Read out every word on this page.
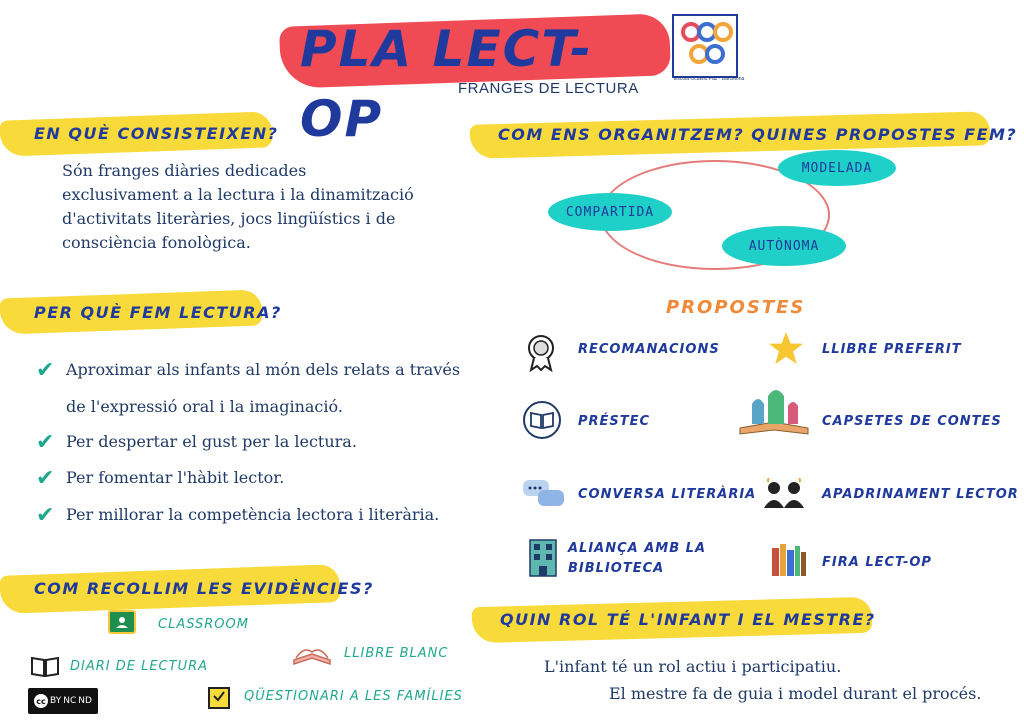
PLA LECT-OP
FRANGES DE LECTURA
Escola Octavio Paz · Barcelona
EN QUÈ CONSISTEIXEN?
Són franges diàries dedicades
exclusivament a la lectura i la dinamització
d'activitats literàries, jocs lingüístics i de
consciència fonològica.
PER QUÈ FEM LECTURA?
✔ Aproximar als infants al món dels relats a través
de l'expressió oral i la imaginació.
✔ Per despertar el gust per la lectura.
✔ Per fomentar l'hàbit lector.
✔ Per millorar la competència lectora i literària.
COM RECOLLIM LES EVIDÈNCIES?
CLASSROOM
DIARI DE LECTURA
LLIBRE BLANC
QÜESTIONARI A LES FAMÍLIES
cc BY NC ND
COM ENS ORGANITZEM? QUINES PROPOSTES FEM?
MODELADA
COMPARTIDA
AUTÒNOMA
PROPOSTES
RECOMANACIONS	LLIBRE PREFERIT
PRÉSTEC	CAPSETES DE CONTES
CONVERSA LITERÀRIA	APADRINAMENT LECTOR
ALIANÇA AMB LA
BIBLIOTECA	FIRA LECT-OP
QUIN ROL TÉ L'INFANT I EL MESTRE?
L'infant té un rol actiu i participatiu.
El mestre fa de guia i model durant el procés.
